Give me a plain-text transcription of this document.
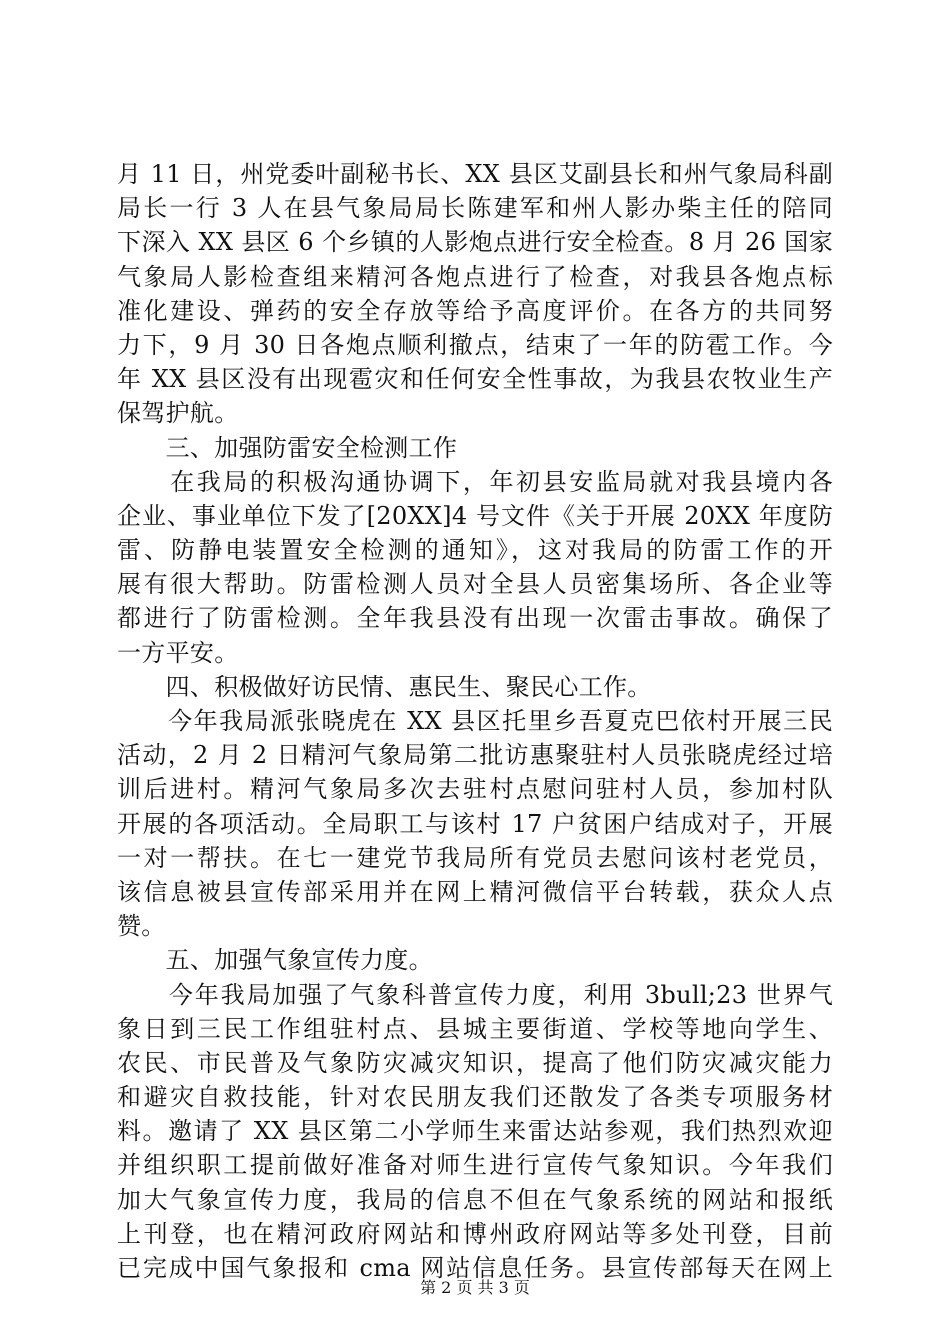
月 11 日，州党委叶副秘书长、XX 县区艾副县长和州气象局科副
局长一行 3 人在县气象局局长陈建军和州人影办柴主任的陪同
下深入 XX 县区 6 个乡镇的人影炮点进行安全检查。8 月 26 国家
气象局人影检查组来精河各炮点进行了检查，对我县各炮点标
准化建设、弹药的安全存放等给予高度评价。在各方的共同努
力下，9 月 30 日各炮点顺利撤点，结束了一年的防雹工作。今
年 XX 县区没有出现雹灾和任何安全性事故，为我县农牧业生产
保驾护航。
　　三、加强防雷安全检测工作
　　在我局的积极沟通协调下，年初县安监局就对我县境内各
企业、事业单位下发了[20XX]4 号文件《关于开展 20XX 年度防
雷、防静电装置安全检测的通知》，这对我局的防雷工作的开
展有很大帮助。防雷检测人员对全县人员密集场所、各企业等
都进行了防雷检测。全年我县没有出现一次雷击事故。确保了
一方平安。
　　四、积极做好访民情、惠民生、聚民心工作。
　　今年我局派张晓虎在 XX 县区托里乡吾夏克巴依村开展三民
活动，2 月 2 日精河气象局第二批访惠聚驻村人员张晓虎经过培
训后进村。精河气象局多次去驻村点慰问驻村人员，参加村队
开展的各项活动。全局职工与该村 17 户贫困户结成对子，开展
一对一帮扶。在七一建党节我局所有党员去慰问该村老党员，
该信息被县宣传部采用并在网上精河微信平台转载，获众人点
赞。
　　五、加强气象宣传力度。
　　今年我局加强了气象科普宣传力度，利用 3bull;23 世界气
象日到三民工作组驻村点、县城主要街道、学校等地向学生、
农民、市民普及气象防灾减灾知识，提高了他们防灾减灾能力
和避灾自救技能，针对农民朋友我们还散发了各类专项服务材
料。邀请了 XX 县区第二小学师生来雷达站参观，我们热烈欢迎
并组织职工提前做好准备对师生进行宣传气象知识。今年我们
加大气象宣传力度，我局的信息不但在气象系统的网站和报纸
上刊登，也在精河政府网站和博州政府网站等多处刊登，目前
已完成中国气象报和 cma 网站信息任务。县宣传部每天在网上
第 2 页 共 3 页
